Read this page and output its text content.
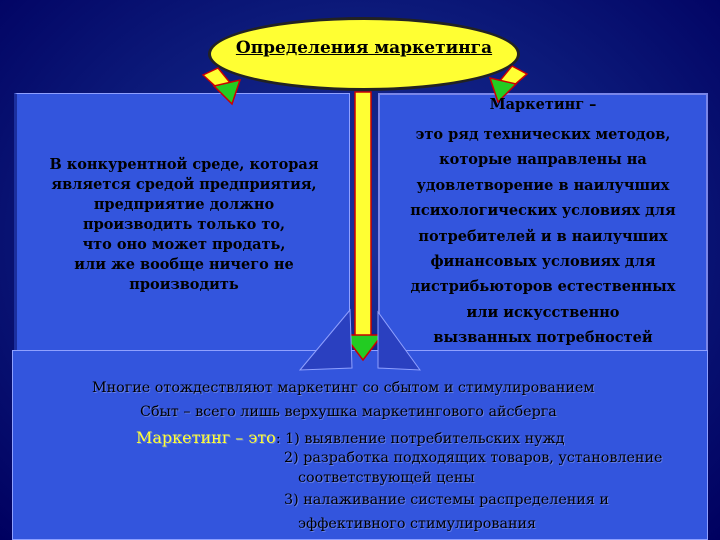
Определения маркетинга
В конкурентной среде, которая
является средой предприятия,
предприятие должно
производить только то,
что оно может продать,
или же вообще ничего не
производить
Маркетинг –
это ряд технических методов,
которые направлены на
удовлетворение в наилучших
психологических условиях для
потребителей и в наилучших
финансовых условиях для
дистрибьюторов естественных
или искусственно
вызванных потребностей
Многие отождествляют маркетинг со сбытом и стимулированием
Сбыт – всего лишь верхушка маркетингового айсберга
Маркетинг – это: 1) выявление потребительских нужд
2) разработка подходящих товаров, установление
соответствующей цены
3) налаживание системы распределения и
эффективного стимулирования
